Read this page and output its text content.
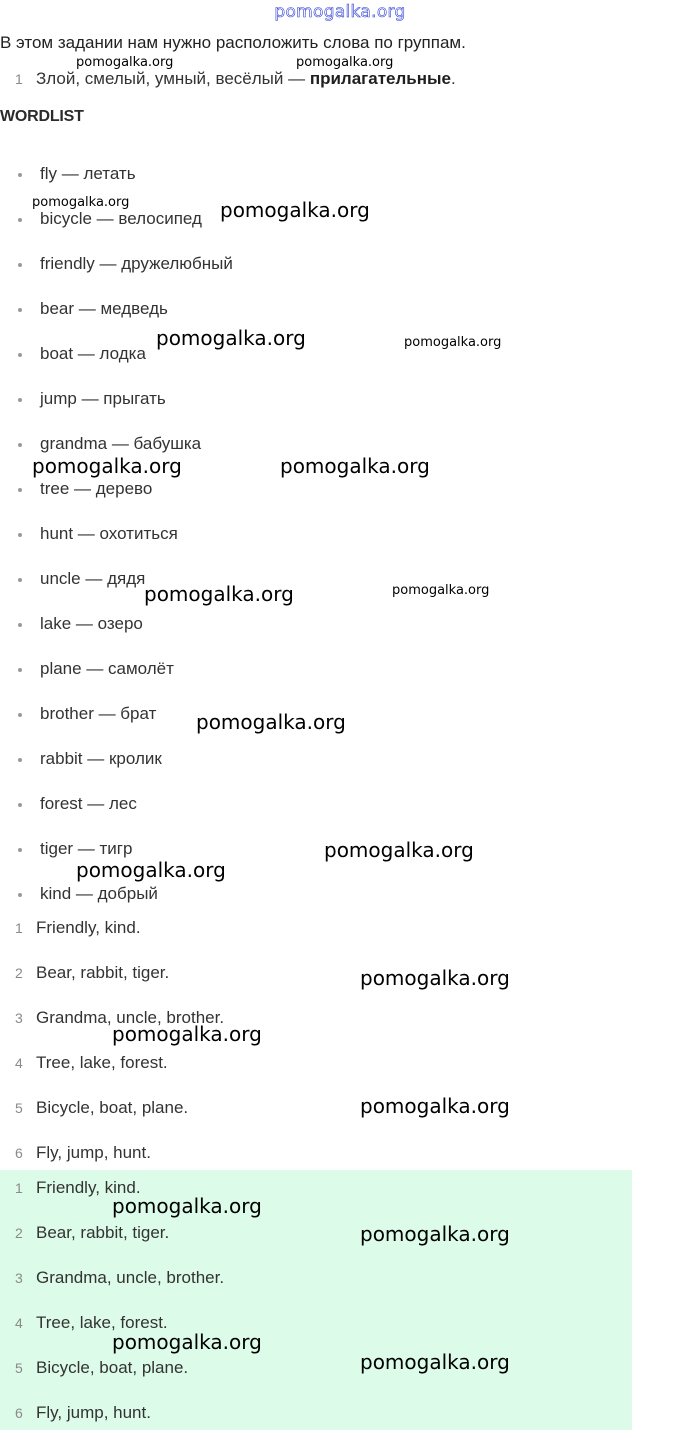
pomogalka.org
В этом задании нам нужно расположить слова по группам.
1 Злой, смелый, умный, весёлый — прилагательные.
WORDLIST
fly — летать
bicycle — велосипед
friendly — дружелюбный
bear — медведь
boat — лодка
jump — прыгать
grandma — бабушка
tree — дерево
hunt — охотиться
uncle — дядя
lake — озеро
plane — самолёт
brother — брат
rabbit — кролик
forest — лес
tiger — тигр
kind — добрый
1 Friendly, kind.
2 Bear, rabbit, tiger.
3 Grandma, uncle, brother.
4 Tree, lake, forest.
5 Bicycle, boat, plane.
6 Fly, jump, hunt.
1 Friendly, kind.
2 Bear, rabbit, tiger.
3 Grandma, uncle, brother.
4 Tree, lake, forest.
5 Bicycle, boat, plane.
6 Fly, jump, hunt.
pomogalka.org	pomogalka.org
pomogalka.org	pomogalka.org
pomogalka.org	pomogalka.org
pomogalka.org	pomogalka.org
pomogalka.org	pomogalka.org
pomogalka.org
pomogalka.org
pomogalka.org
pomogalka.org
pomogalka.org
pomogalka.org
pomogalka.org
pomogalka.org
pomogalka.org
pomogalka.org
